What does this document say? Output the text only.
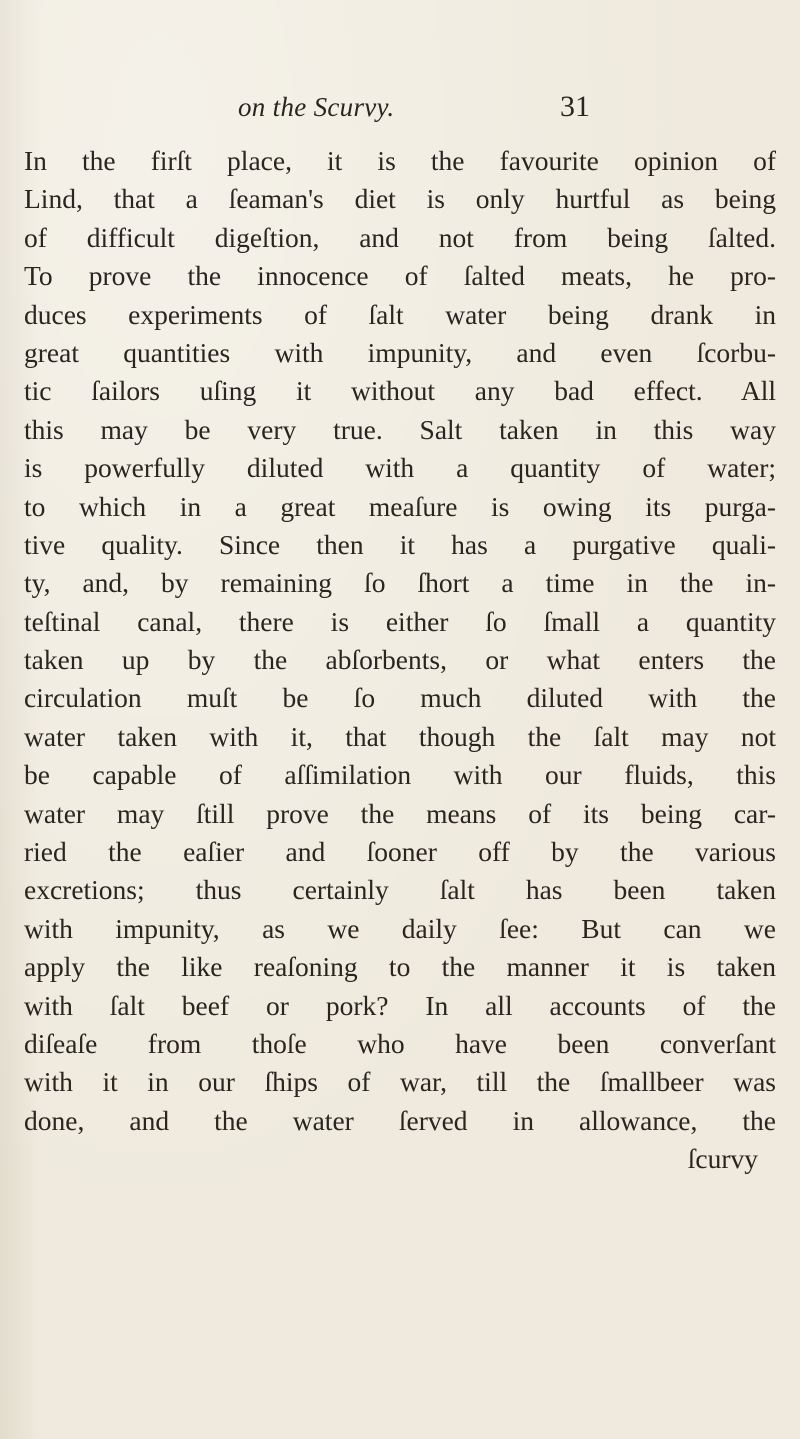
on the Scurvy.	31
In the firſt place, it is the favourite opinion of
Lind, that a ſeaman's diet is only hurtful as being
of difficult digeſtion, and not from being ſalted.
To prove the innocence of ſalted meats, he pro-
duces experiments of ſalt water being drank in
great quantities with impunity, and even ſcorbu-
tic ſailors uſing it without any bad effect. All
this may be very true. Salt taken in this way
is powerfully diluted with a quantity of water;
to which in a great meaſure is owing its purga-
tive quality. Since then it has a purgative quali-
ty, and, by remaining ſo ſhort a time in the in-
teſtinal canal, there is either ſo ſmall a quantity
taken up by the abſorbents, or what enters the
circulation muſt be ſo much diluted with the
water taken with it, that though the ſalt may not
be capable of aſſimilation with our fluids, this
water may ſtill prove the means of its being car-
ried the eaſier and ſooner off by the various
excretions; thus certainly ſalt has been taken
with impunity, as we daily ſee: But can we
apply the like reaſoning to the manner it is taken
with ſalt beef or pork? In all accounts of the
diſeaſe from thoſe who have been converſant
with it in our ſhips of war, till the ſmallbeer was
done, and the water ſerved in allowance, the
ſcurvy
